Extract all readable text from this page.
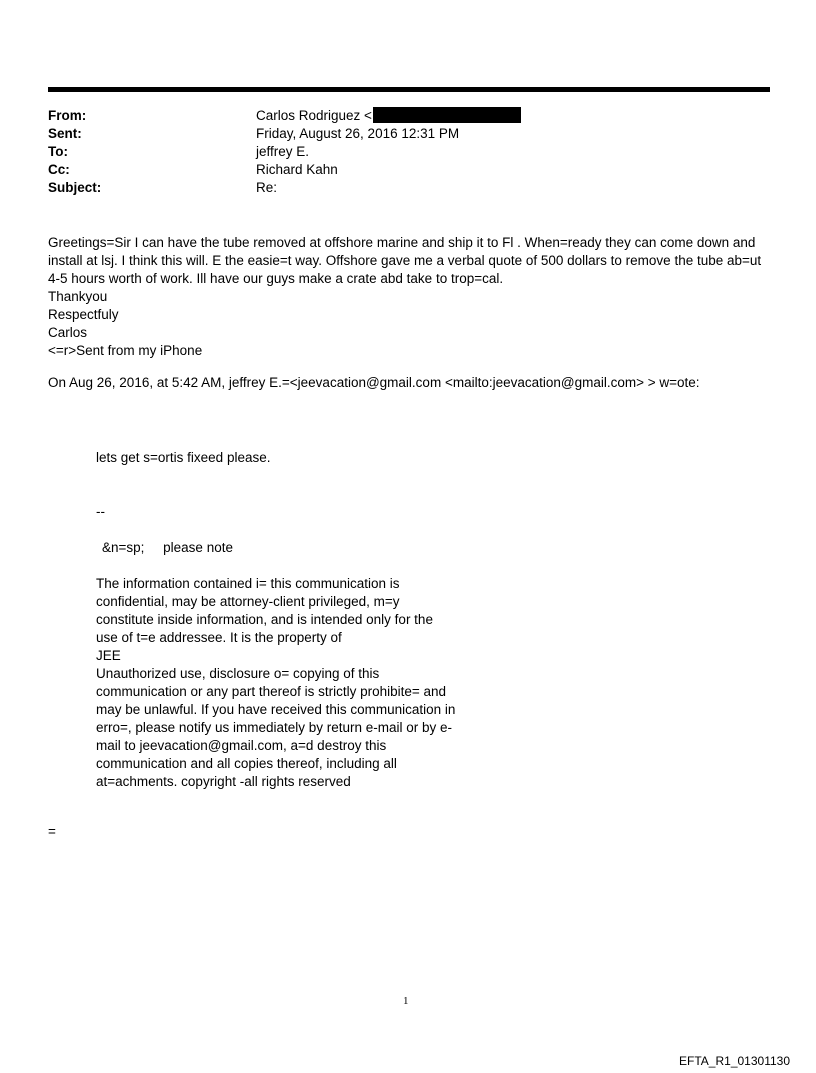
From:	Carlos Rodriguez <
Sent:	Friday, August 26, 2016 12:31 PM
To:	jeffrey E.
Cc:	Richard Kahn
Subject:	Re:
Greetings=Sir I can have the tube removed at offshore marine and ship it to Fl . When=ready they can come down and install at lsj. I think this will. E the easie=t way. Offshore gave me a verbal quote of 500 dollars to remove the tube ab=ut 4-5 hours worth of work. Ill have our guys make a crate abd take to trop=cal.
Thankyou
Respectfuly
Carlos
<=r>Sent from my iPhone
On Aug 26, 2016, at 5:42 AM, jeffrey E.=<jeevacation@gmail.com <mailto:jeevacation@gmail.com> > w=ote:
lets get s=ortis fixeed please.
--
&n=sp;     please note
The information contained i= this communication is confidential, may be attorney-client privileged, m=y constitute inside information, and is intended only for the use of t=e addressee. It is the property of
JEE
Unauthorized use, disclosure o= copying of this communication or any part thereof is strictly prohibite= and may be unlawful. If you have received this communication in erro=, please notify us immediately by return e-mail or by e-mail to jeevacation@gmail.com, a=d destroy this communication and all copies thereof, including all at=achments. copyright -all rights reserved
=
1
EFTA_R1_01301130
